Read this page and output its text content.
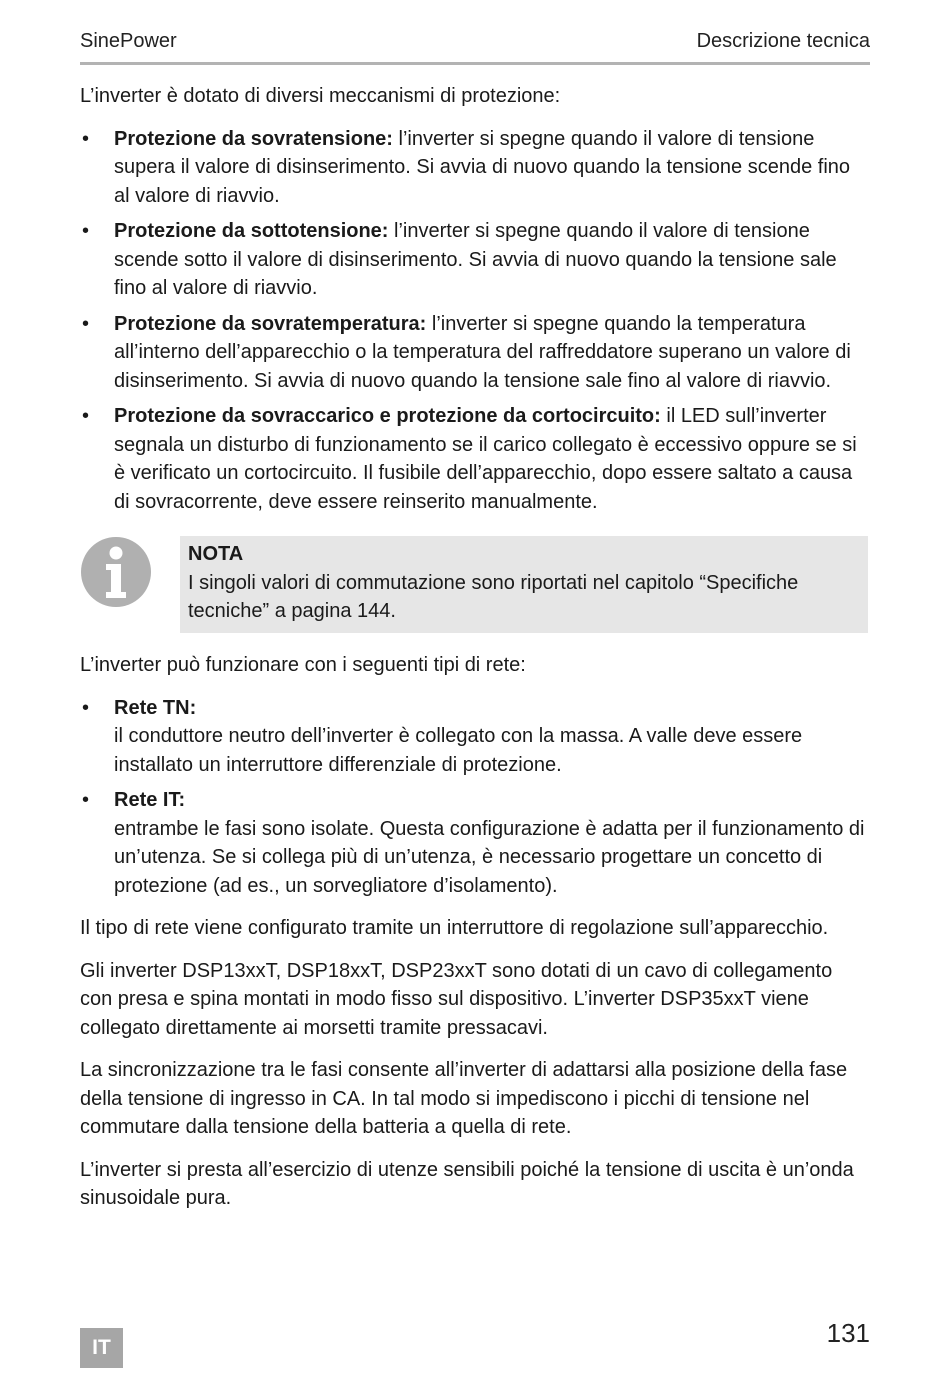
SinePower	Descrizione tecnica

L’inverter è dotato di diversi meccanismi di protezione:

• Protezione da sovratensione: l’inverter si spegne quando il valore di tensione supera il valore di disinserimento. Si avvia di nuovo quando la tensione scende fino al valore di riavvio.
• Protezione da sottotensione: l’inverter si spegne quando il valore di tensione scende sotto il valore di disinserimento. Si avvia di nuovo quando la tensione sale fino al valore di riavvio.
• Protezione da sovratemperatura: l’inverter si spegne quando la temperatura all’interno dell’apparecchio o la temperatura del raffreddatore superano un valore di disinserimento. Si avvia di nuovo quando la tensione sale fino al valore di riavvio.
• Protezione da sovraccarico e protezione da cortocircuito: il LED sull’inverter segnala un disturbo di funzionamento se il carico collegato è eccessivo oppure se si è verificato un cortocircuito. Il fusibile dell’apparecchio, dopo essere saltato a causa di sovracorrente, deve essere reinserito manualmente.
NOTA
I singoli valori di commutazione sono riportati nel capitolo “Specifiche tecniche” a pagina 144.

L’inverter può funzionare con i seguenti tipi di rete:

• Rete TN:
il conduttore neutro dell’inverter è collegato con la massa. A valle deve essere installato un interruttore differenziale di protezione.
• Rete IT:
entrambe le fasi sono isolate. Questa configurazione è adatta per il funzionamento di un’utenza. Se si collega più di un’utenza, è necessario progettare un concetto di protezione (ad es., un sorvegliatore d’isolamento).

Il tipo di rete viene configurato tramite un interruttore di regolazione sull’apparecchio.

Gli inverter DSP13xxT, DSP18xxT, DSP23xxT sono dotati di un cavo di collegamento con presa e spina montati in modo fisso sul dispositivo. L’inverter DSP35xxT viene collegato direttamente ai morsetti tramite pressacavi.

La sincronizzazione tra le fasi consente all’inverter di adattarsi alla posizione della fase della tensione di ingresso in CA. In tal modo si impediscono i picchi di tensione nel commutare dalla tensione della batteria a quella di rete.

L’inverter si presta all’esercizio di utenze sensibili poiché la tensione di uscita è un’onda sinusoidale pura.

IT	131
